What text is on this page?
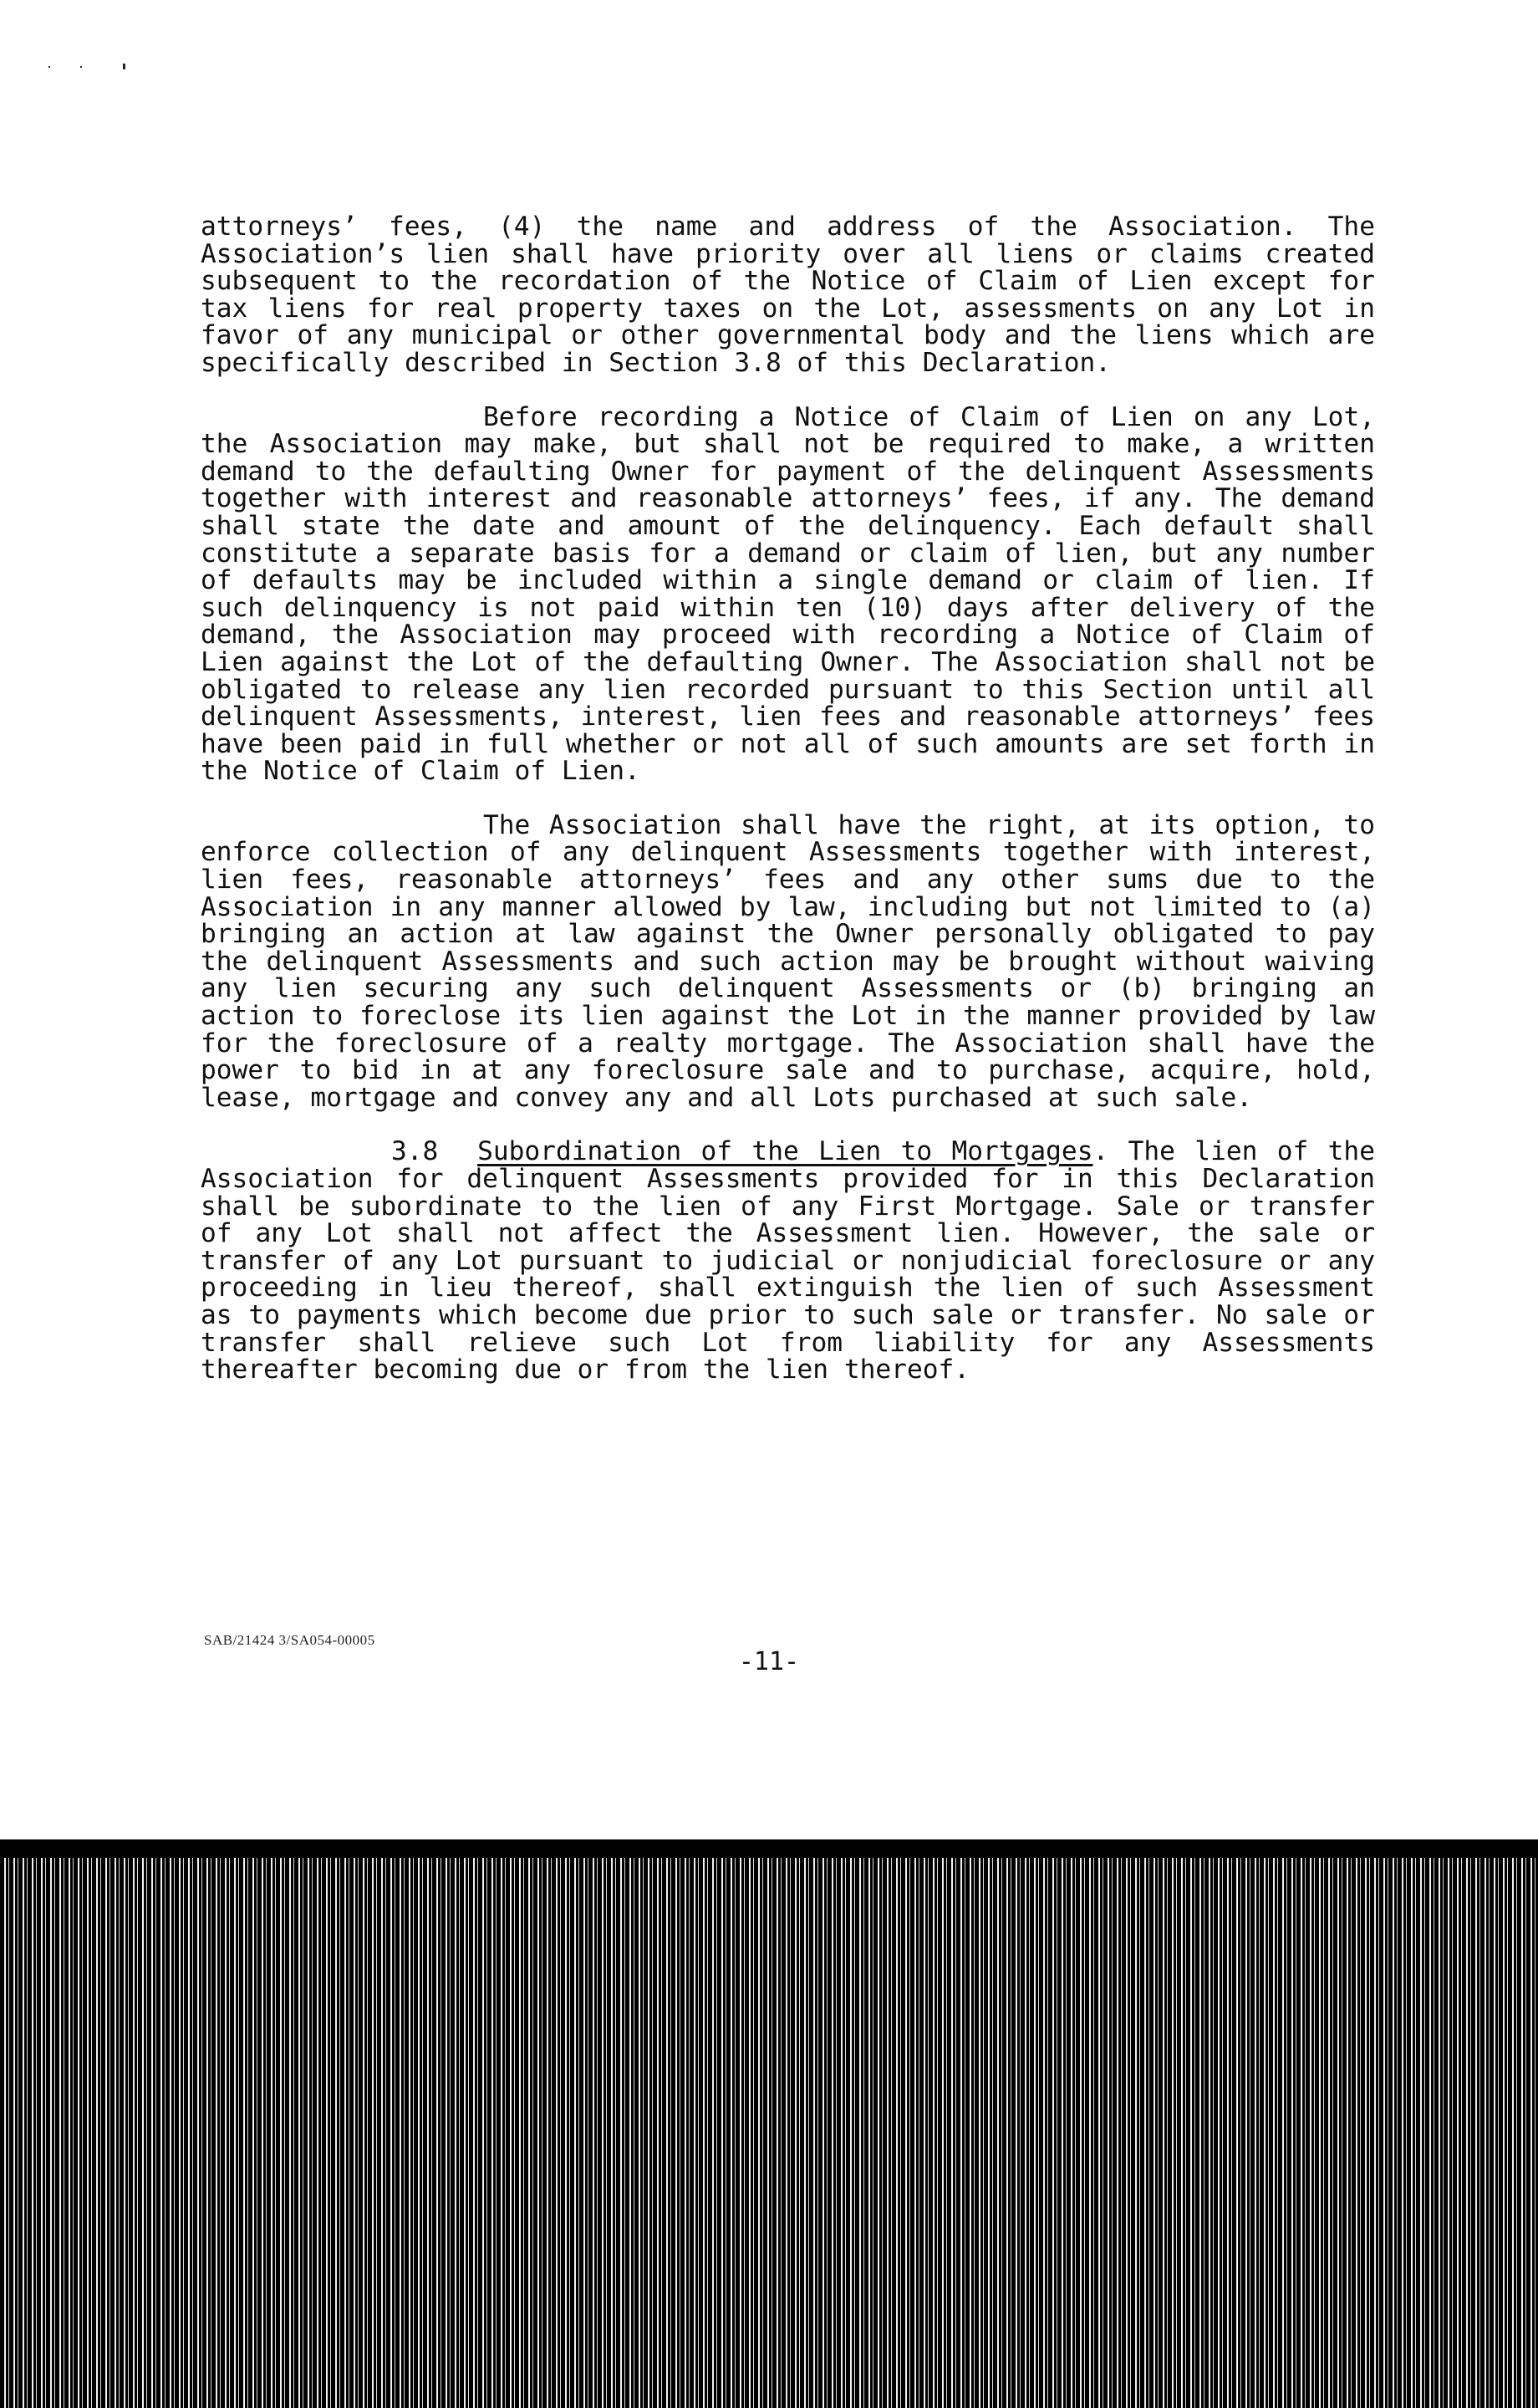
attorneys’ fees, (4) the name and address of the Association. The Association’s lien shall have priority over all liens or claims created subsequent to the recordation of the Notice of Claim of Lien except for tax liens for real property taxes on the Lot, assessments on any Lot in favor of any municipal or other governmental body and the liens which are specifically described in Section 3.8 of this Declaration.

Before recording a Notice of Claim of Lien on any Lot, the Association may make, but shall not be required to make, a written demand to the defaulting Owner for payment of the delinquent Assessments together with interest and reasonable attorneys’ fees, if any. The demand shall state the date and amount of the delinquency. Each default shall constitute a separate basis for a demand or claim of lien, but any number of defaults may be included within a single demand or claim of lien. If such delinquency is not paid within ten (10) days after delivery of the demand, the Association may proceed with recording a Notice of Claim of Lien against the Lot of the defaulting Owner. The Association shall not be obligated to release any lien recorded pursuant to this Section until all delinquent Assessments, interest, lien fees and reasonable attorneys’ fees have been paid in full whether or not all of such amounts are set forth in the Notice of Claim of Lien.

The Association shall have the right, at its option, to enforce collection of any delinquent Assessments together with interest, lien fees, reasonable attorneys’ fees and any other sums due to the Association in any manner allowed by law, including but not limited to (a) bringing an action at law against the Owner personally obligated to pay the delinquent Assessments and such action may be brought without waiving any lien securing any such delinquent Assessments or (b) bringing an action to foreclose its lien against the Lot in the manner provided by law for the foreclosure of a realty mortgage. The Association shall have the power to bid in at any foreclosure sale and to purchase, acquire, hold, lease, mortgage and convey any and all Lots purchased at such sale.

3.8 Subordination of the Lien to Mortgages. The lien of the Association for delinquent Assessments provided for in this Declaration shall be subordinate to the lien of any First Mortgage. Sale or transfer of any Lot shall not affect the Assessment lien. However, the sale or transfer of any Lot pursuant to judicial or nonjudicial foreclosure or any proceeding in lieu thereof, shall extinguish the lien of such Assessment as to payments which become due prior to such sale or transfer. No sale or transfer shall relieve such Lot from liability for any Assessments thereafter becoming due or from the lien thereof.

SAB/21424 3/SA054-00005
-11-
